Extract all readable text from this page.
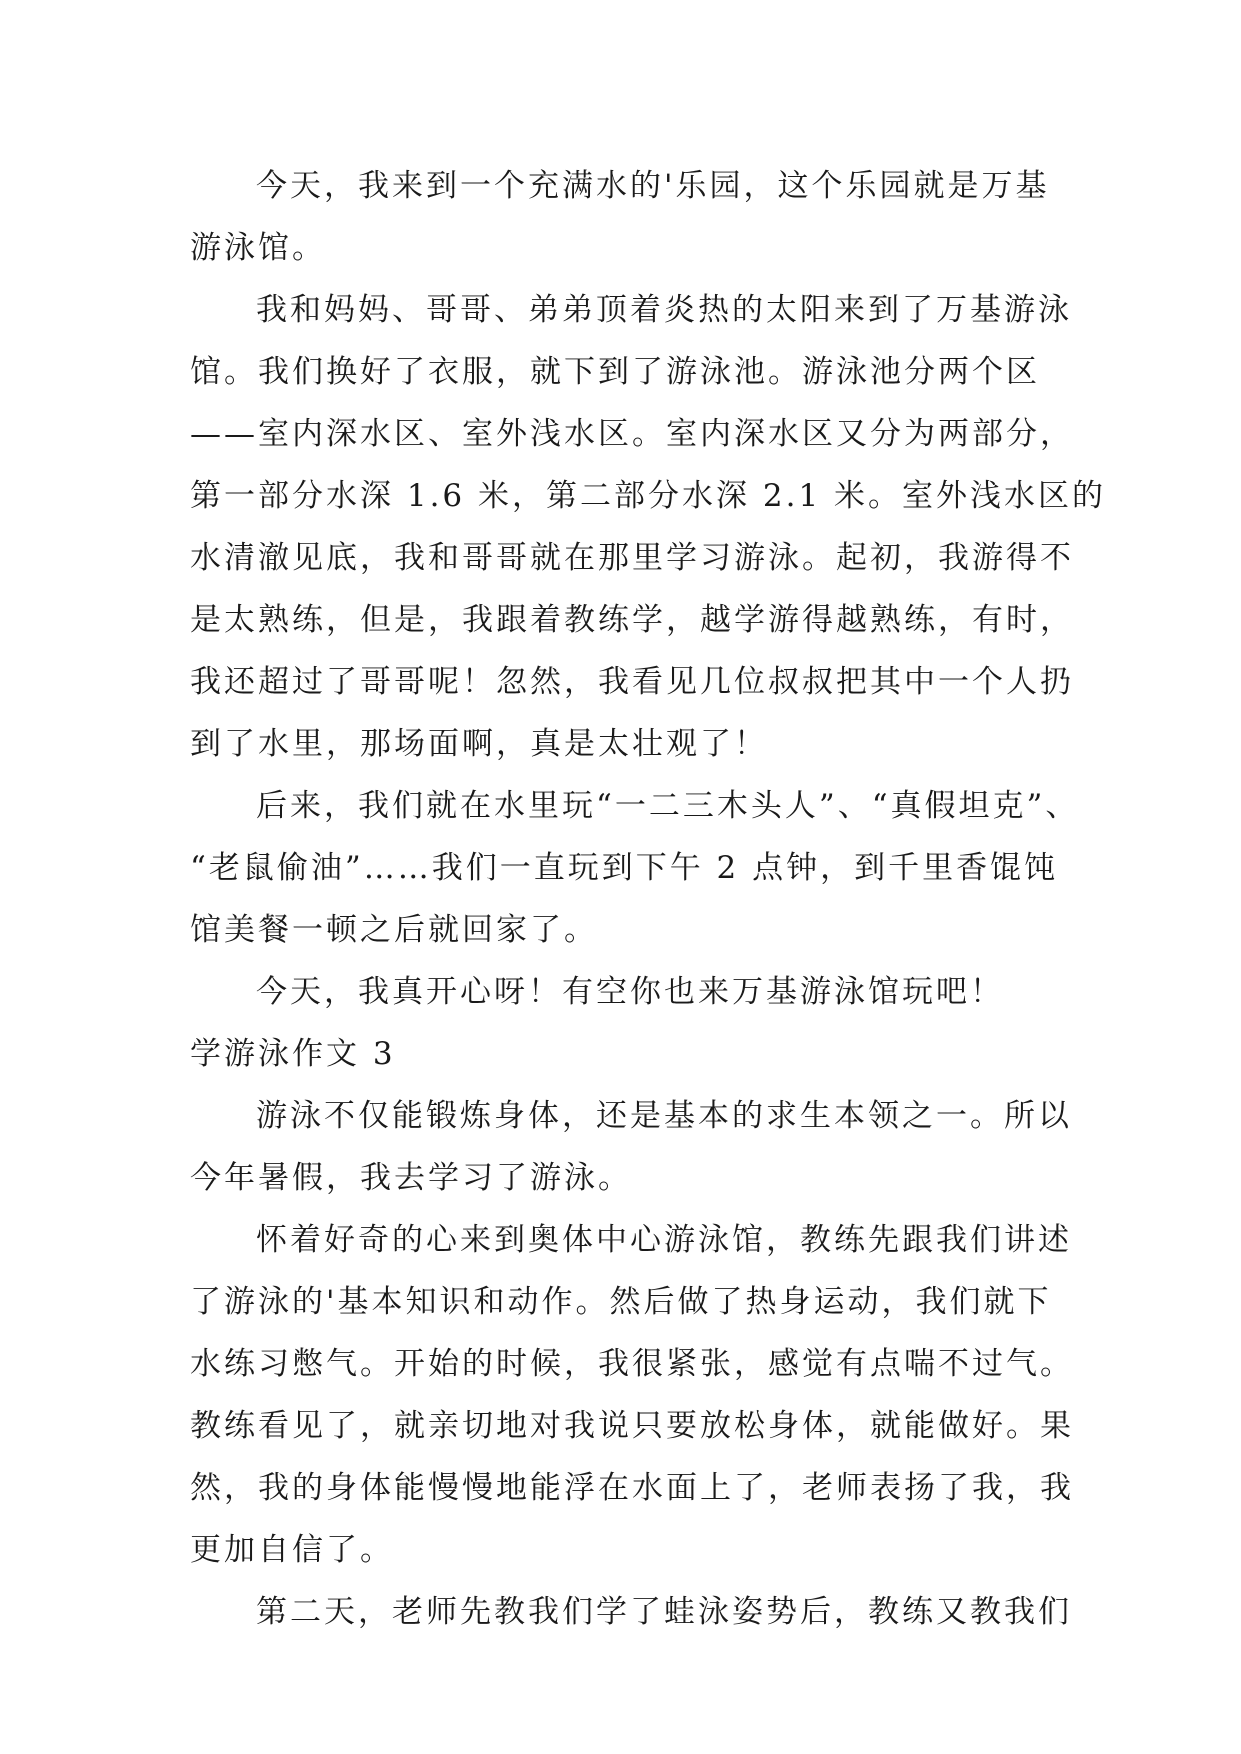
今天，我来到一个充满水的'乐园，这个乐园就是万基
游泳馆。
我和妈妈、哥哥、弟弟顶着炎热的太阳来到了万基游泳
馆。我们换好了衣服，就下到了游泳池。游泳池分两个区
——室内深水区、室外浅水区。室内深水区又分为两部分，
第一部分水深 1.6 米，第二部分水深 2.1 米。室外浅水区的
水清澈见底，我和哥哥就在那里学习游泳。起初，我游得不
是太熟练，但是，我跟着教练学，越学游得越熟练，有时，
我还超过了哥哥呢！忽然，我看见几位叔叔把其中一个人扔
到了水里，那场面啊，真是太壮观了！
后来，我们就在水里玩“一二三木头人”、“真假坦克”、
“老鼠偷油”……我们一直玩到下午 2 点钟，到千里香馄饨
馆美餐一顿之后就回家了。
今天，我真开心呀！有空你也来万基游泳馆玩吧！
学游泳作文 3
游泳不仅能锻炼身体，还是基本的求生本领之一。所以
今年暑假，我去学习了游泳。
怀着好奇的心来到奥体中心游泳馆，教练先跟我们讲述
了游泳的'基本知识和动作。然后做了热身运动，我们就下
水练习憋气。开始的时候，我很紧张，感觉有点喘不过气。
教练看见了，就亲切地对我说只要放松身体，就能做好。果
然，我的身体能慢慢地能浮在水面上了，老师表扬了我，我
更加自信了。
第二天，老师先教我们学了蛙泳姿势后，教练又教我们
